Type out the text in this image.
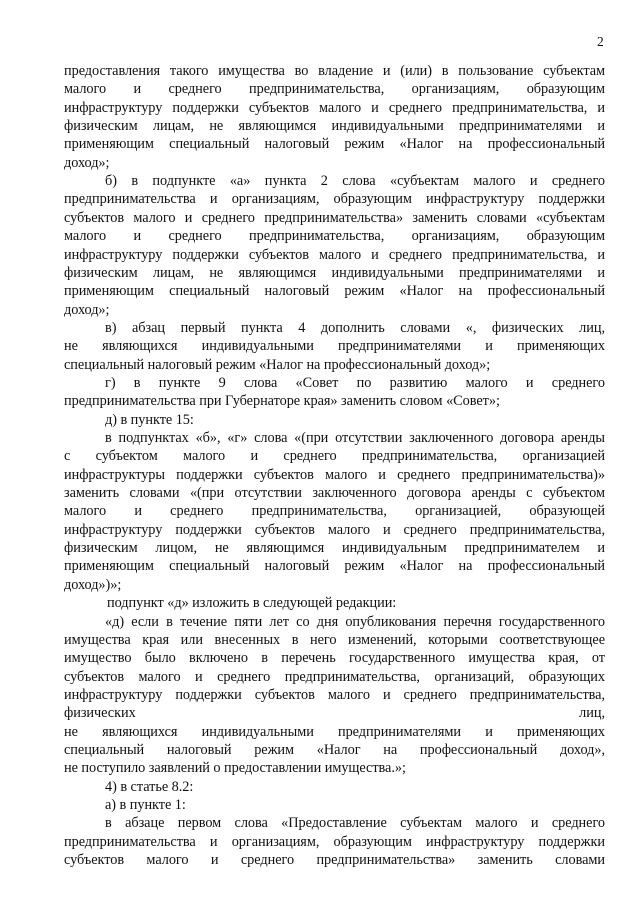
2
предоставления такого имущества во владение и (или) в пользование субъектам
малого и среднего предпринимательства, организациям, образующим
инфраструктуру поддержки субъектов малого и среднего предпринимательства, и
физическим лицам, не являющимся индивидуальными предпринимателями и
применяющим специальный налоговый режим «Налог на профессиональный
доход»;
б) в подпункте «а» пункта 2 слова «субъектам малого и среднего
предпринимательства и организациям, образующим инфраструктуру поддержки
субъектов малого и среднего предпринимательства» заменить словами «субъектам
малого и среднего предпринимательства, организациям, образующим
инфраструктуру поддержки субъектов малого и среднего предпринимательства, и
физическим лицам, не являющимся индивидуальными предпринимателями и
применяющим специальный налоговый режим «Налог на профессиональный
доход»;
в) абзац первый пункта 4 дополнить словами «, физических лиц,
не являющихся индивидуальными предпринимателями и применяющих
специальный налоговый режим «Налог на профессиональный доход»;
г) в пункте 9 слова «Совет по развитию малого и среднего
предпринимательства при Губернаторе края» заменить словом «Совет»;
д) в пункте 15:
в подпунктах «б», «г» слова «(при отсутствии заключенного договора аренды
с субъектом малого и среднего предпринимательства, организацией
инфраструктуры поддержки субъектов малого и среднего предпринимательства)»
заменить словами «(при отсутствии заключенного договора аренды с субъектом
малого и среднего предпринимательства, организацией, образующей
инфраструктуру поддержки субъектов малого и среднего предпринимательства,
физическим лицом, не являющимся индивидуальным предпринимателем и
применяющим специальный налоговый режим «Налог на профессиональный
доход»)»;
подпункт «д» изложить в следующей редакции:
«д) если в течение пяти лет со дня опубликования перечня государственного
имущества края или внесенных в него изменений, которыми соответствующее
имущество было включено в перечень государственного имущества края, от
субъектов малого и среднего предпринимательства, организаций, образующих
инфраструктуру поддержки субъектов малого и среднего предпринимательства,
физических лиц,
не являющихся индивидуальными предпринимателями и применяющих
специальный налоговый режим «Налог на профессиональный доход»,
не поступило заявлений о предоставлении имущества.»;
4) в статье 8.2:
а) в пункте 1:
в абзаце первом слова «Предоставление субъектам малого и среднего
предпринимательства и организациям, образующим инфраструктуру поддержки
субъектов малого и среднего предпринимательства» заменить словами
